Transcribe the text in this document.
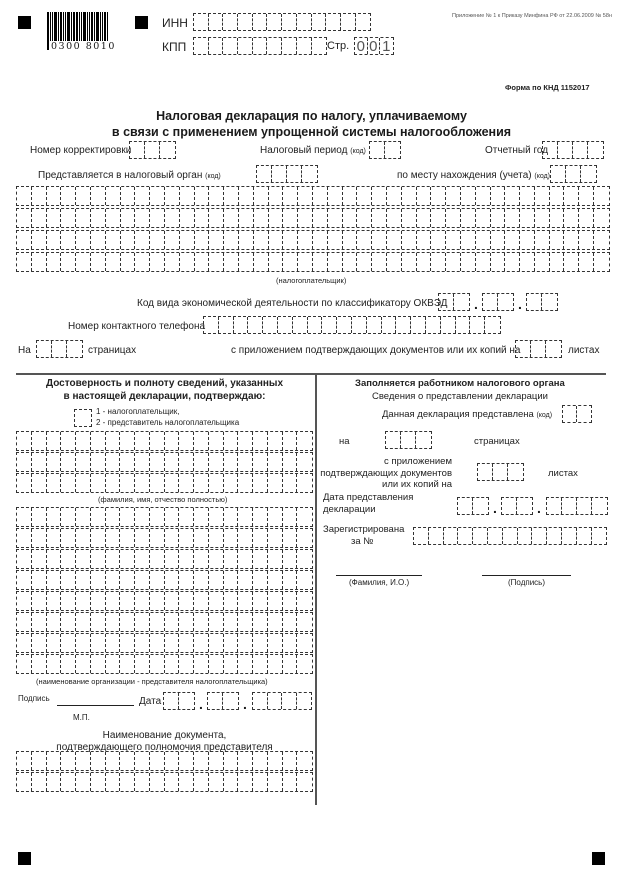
0300 8010
ИНН
КПП	Стр. 0 0 1
Приложение № 1 к Приказу Минфина РФ от 22.06.2009 № 58н
Форма по КНД 1152017
Налоговая декларация по налогу, уплачиваемому
в связи с применением упрощенной системы налогообложения
Номер корректировки	Налоговый период (код)	Отчетный год
Представляется в налоговый орган (код)	по месту нахождения (учета) (код)
(налогоплательщик)
Код вида экономической деятельности по классификатору ОКВЭД .	.
Номер контактного телефона
На	страницах	с приложением подтверждающих документов или их копий на	листах
Достоверность и полноту сведений, указанных
в настоящей декларации, подтверждаю:
1 - налогоплательщик,
2 - представитель налогоплательщика
(фамилия, имя, отчество полностью)
(наименование организации - представителя налогоплательщика)
Подпись	Дата	.	.
М.П.
Наименование документа,
подтверждающего полномочия представителя
Заполняется работником налогового органа
Сведения о представлении декларации
Данная декларация представлена (код)
на	страницах
с приложением
подтверждающих документов
или их копий на
листах
Дата представления
декларации	.	.
Зарегистрирована
за №
(Фамилия, И.О.)	(Подпись)
